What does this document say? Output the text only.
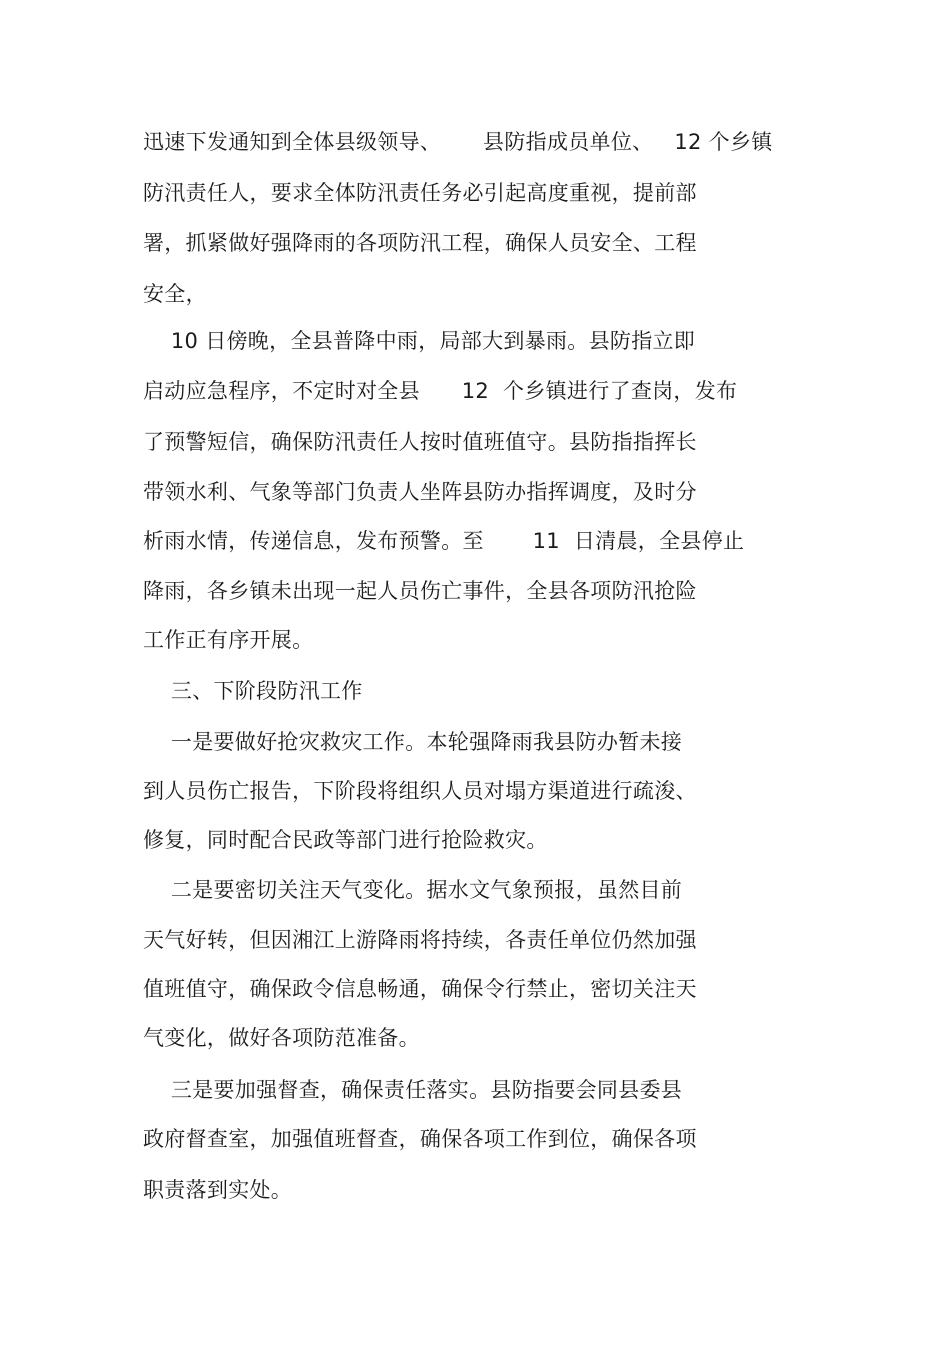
迅速下发通知到全体县级领导、      县防指成员单位、   12 个乡镇
防汛责任人，要求全体防汛责任务必引起高度重视，提前部
署，抓紧做好强降雨的各项防汛工程，确保人员安全、工程
安全，
10 日傍晚，全县普降中雨，局部大到暴雨。县防指立即
启动应急程序，不定时对全县      12  个乡镇进行了查岗，发布
了预警短信，确保防汛责任人按时值班值守。县防指指挥长
带领水利、气象等部门负责人坐阵县防办指挥调度，及时分
析雨水情，传递信息，发布预警。至       11  日清晨，全县停止
降雨，各乡镇未出现一起人员伤亡事件，全县各项防汛抢险
工作正有序开展。
三、下阶段防汛工作
一是要做好抢灾救灾工作。本轮强降雨我县防办暂未接
到人员伤亡报告，下阶段将组织人员对塌方渠道进行疏浚、
修复，同时配合民政等部门进行抢险救灾。
二是要密切关注天气变化。据水文气象预报，虽然目前
天气好转，但因湘江上游降雨将持续，各责任单位仍然加强
值班值守，确保政令信息畅通，确保令行禁止，密切关注天
气变化，做好各项防范准备。
三是要加强督查，确保责任落实。县防指要会同县委县
政府督查室，加强值班督查，确保各项工作到位，确保各项
职责落到实处。
